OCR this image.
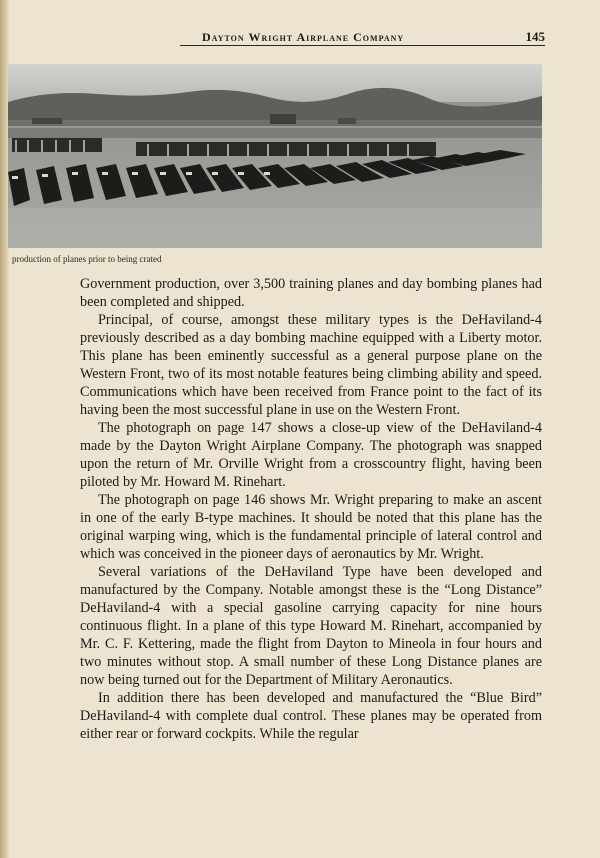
Dayton Wright Airplane Company	145
production of planes prior to being crated

Government production, over 3,500 training planes and day bombing planes had been completed and shipped.

Principal, of course, amongst these military types is the DeHaviland-4 previously described as a day bombing machine equipped with a Liberty motor. This plane has been eminently successful as a general purpose plane on the Western Front, two of its most notable features being climbing ability and speed. Communications which have been received from France point to the fact of its having been the most successful plane in use on the Western Front.

The photograph on page 147 shows a close-up view of the DeHaviland-4 made by the Dayton Wright Airplane Company. The photograph was snapped upon the return of Mr. Orville Wright from a crosscountry flight, having been piloted by Mr. Howard M. Rinehart.

The photograph on page 146 shows Mr. Wright preparing to make an ascent in one of the early B-type machines. It should be noted that this plane has the original warping wing, which is the fundamental principle of lateral control and which was conceived in the pioneer days of aeronautics by Mr. Wright.

Several variations of the DeHaviland Type have been developed and manufactured by the Company. Notable amongst these is the “Long Distance” DeHaviland-4 with a special gasoline carrying capacity for nine hours continuous flight. In a plane of this type Howard M. Rinehart, accompanied by Mr. C. F. Kettering, made the flight from Dayton to Mineola in four hours and two minutes without stop. A small number of these Long Distance planes are now being turned out for the Department of Military Aeronautics.

In addition there has been developed and manufactured the “Blue Bird” DeHaviland-4 with complete dual control. These planes may be operated from either rear or forward cockpits. While the regular
